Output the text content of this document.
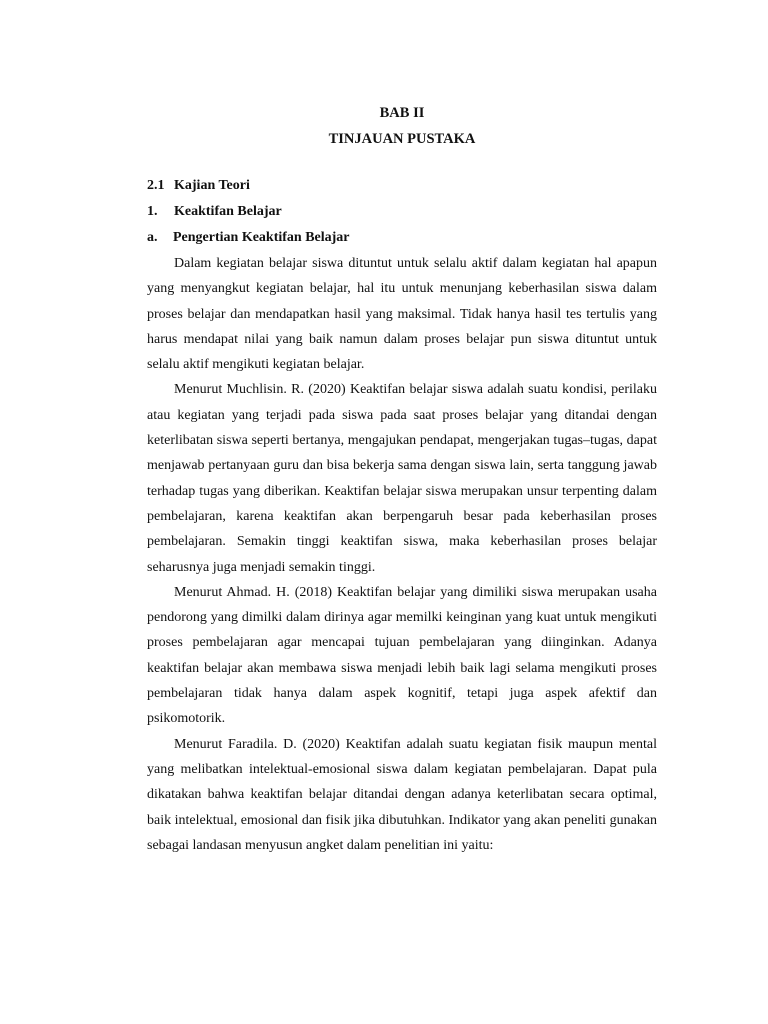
BAB II

TINJAUAN PUSTAKA

2.1 Kajian Teori

1. Keaktifan Belajar

a. Pengertian Keaktifan Belajar

Dalam kegiatan belajar siswa dituntut untuk selalu aktif dalam kegiatan hal apapun yang menyangkut kegiatan belajar, hal itu untuk menunjang keberhasilan siswa dalam proses belajar dan mendapatkan hasil yang maksimal. Tidak hanya hasil tes tertulis yang harus mendapat nilai yang baik namun dalam proses belajar pun siswa dituntut untuk selalu aktif mengikuti kegiatan belajar.

Menurut Muchlisin. R. (2020) Keaktifan belajar siswa adalah suatu kondisi, perilaku atau kegiatan yang terjadi pada siswa pada saat proses belajar yang ditandai dengan keterlibatan siswa seperti bertanya, mengajukan pendapat, mengerjakan tugas–tugas, dapat menjawab pertanyaan guru dan bisa bekerja sama dengan siswa lain, serta tanggung jawab terhadap tugas yang diberikan. Keaktifan belajar siswa merupakan unsur terpenting dalam pembelajaran, karena keaktifan akan berpengaruh besar pada keberhasilan proses pembelajaran. Semakin tinggi keaktifan siswa, maka keberhasilan proses belajar seharusnya juga menjadi semakin tinggi.

Menurut Ahmad. H. (2018) Keaktifan belajar yang dimiliki siswa merupakan usaha pendorong yang dimilki dalam dirinya agar memilki keinginan yang kuat untuk mengikuti proses pembelajaran agar mencapai tujuan pembelajaran yang diinginkan. Adanya keaktifan belajar akan membawa siswa menjadi lebih baik lagi selama mengikuti proses pembelajaran tidak hanya dalam aspek kognitif, tetapi juga aspek afektif dan psikomotorik.

Menurut Faradila. D. (2020) Keaktifan adalah suatu kegiatan fisik maupun mental yang melibatkan intelektual-emosional siswa dalam kegiatan pembelajaran. Dapat pula dikatakan bahwa keaktifan belajar ditandai dengan adanya keterlibatan secara optimal, baik intelektual, emosional dan fisik jika dibutuhkan. Indikator yang akan peneliti gunakan sebagai landasan menyusun angket dalam penelitian ini yaitu:
